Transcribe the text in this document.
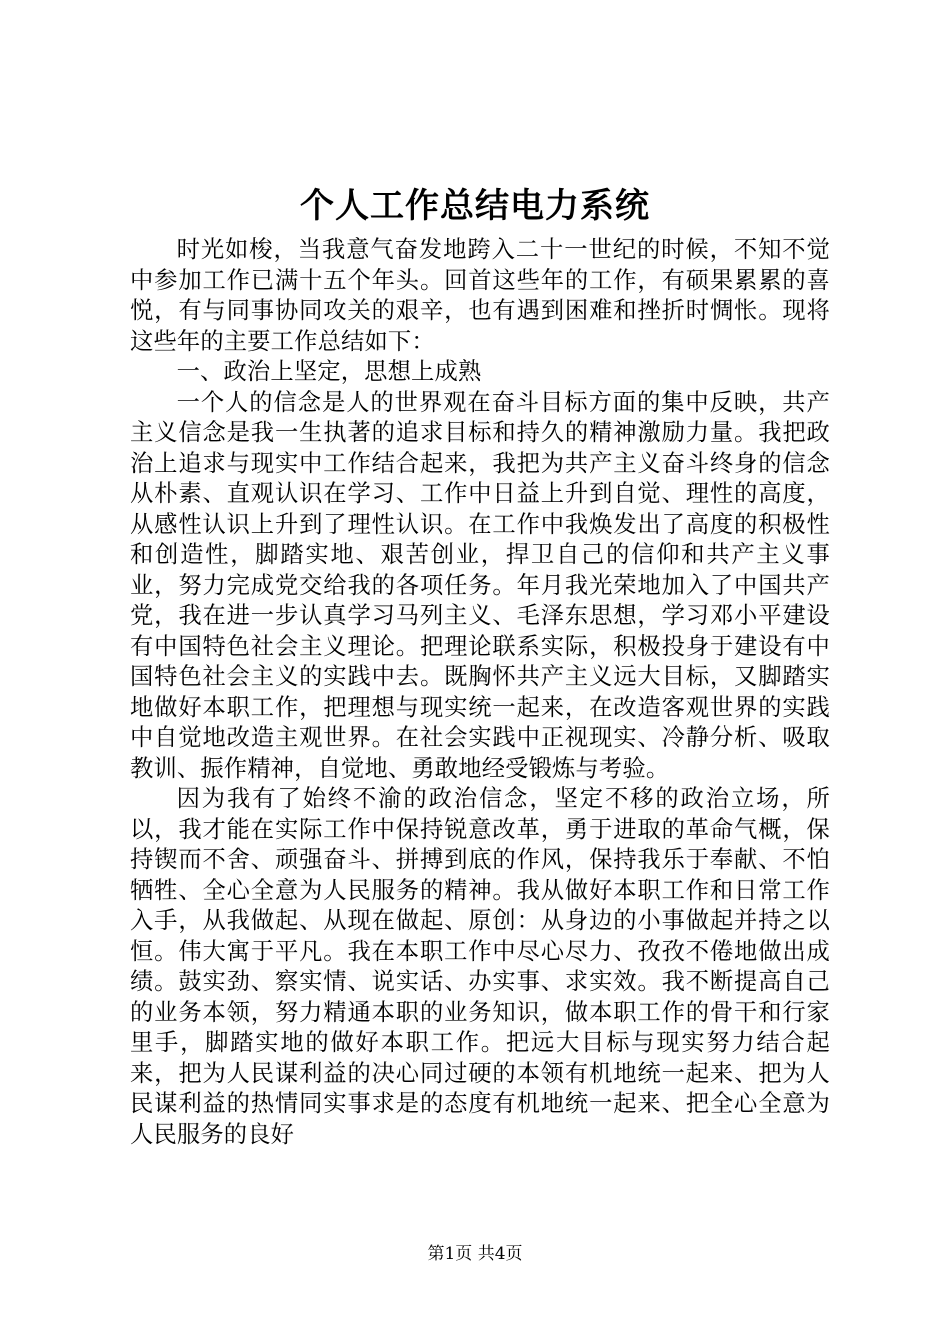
个人工作总结电力系统

时光如梭，当我意气奋发地跨入二十一世纪的时候，不知不觉中参加工作已满十五个年头。回首这些年的工作，有硕果累累的喜悦，有与同事协同攻关的艰辛，也有遇到困难和挫折时惆怅。现将这些年的主要工作总结如下：

一、政治上坚定，思想上成熟

一个人的信念是人的世界观在奋斗目标方面的集中反映，共产主义信念是我一生执著的追求目标和持久的精神激励力量。我把政治上追求与现实中工作结合起来，我把为共产主义奋斗终身的信念从朴素、直观认识在学习、工作中日益上升到自觉、理性的高度，从感性认识上升到了理性认识。在工作中我焕发出了高度的积极性和创造性，脚踏实地、艰苦创业，捍卫自己的信仰和共产主义事业，努力完成党交给我的各项任务。年月我光荣地加入了中国共产党，我在进一步认真学习马列主义、毛泽东思想，学习邓小平建设有中国特色社会主义理论。把理论联系实际，积极投身于建设有中国特色社会主义的实践中去。既胸怀共产主义远大目标，又脚踏实地做好本职工作，把理想与现实统一起来，在改造客观世界的实践中自觉地改造主观世界。在社会实践中正视现实、冷静分析、吸取教训、振作精神，自觉地、勇敢地经受锻炼与考验。

因为我有了始终不渝的政治信念，坚定不移的政治立场，所以，我才能在实际工作中保持锐意改革，勇于进取的革命气概，保持锲而不舍、顽强奋斗、拼搏到底的作风，保持我乐于奉献、不怕牺牲、全心全意为人民服务的精神。我从做好本职工作和日常工作入手，从我做起、从现在做起、原创：从身边的小事做起并持之以恒。伟大寓于平凡。我在本职工作中尽心尽力、孜孜不倦地做出成绩。鼓实劲、察实情、说实话、办实事、求实效。我不断提高自己的业务本领，努力精通本职的业务知识，做本职工作的骨干和行家里手，脚踏实地的做好本职工作。把远大目标与现实努力结合起来，把为人民谋利益的决心同过硬的本领有机地统一起来、把为人民谋利益的热情同实事求是的态度有机地统一起来、把全心全意为人民服务的良好

第1页 共4页
